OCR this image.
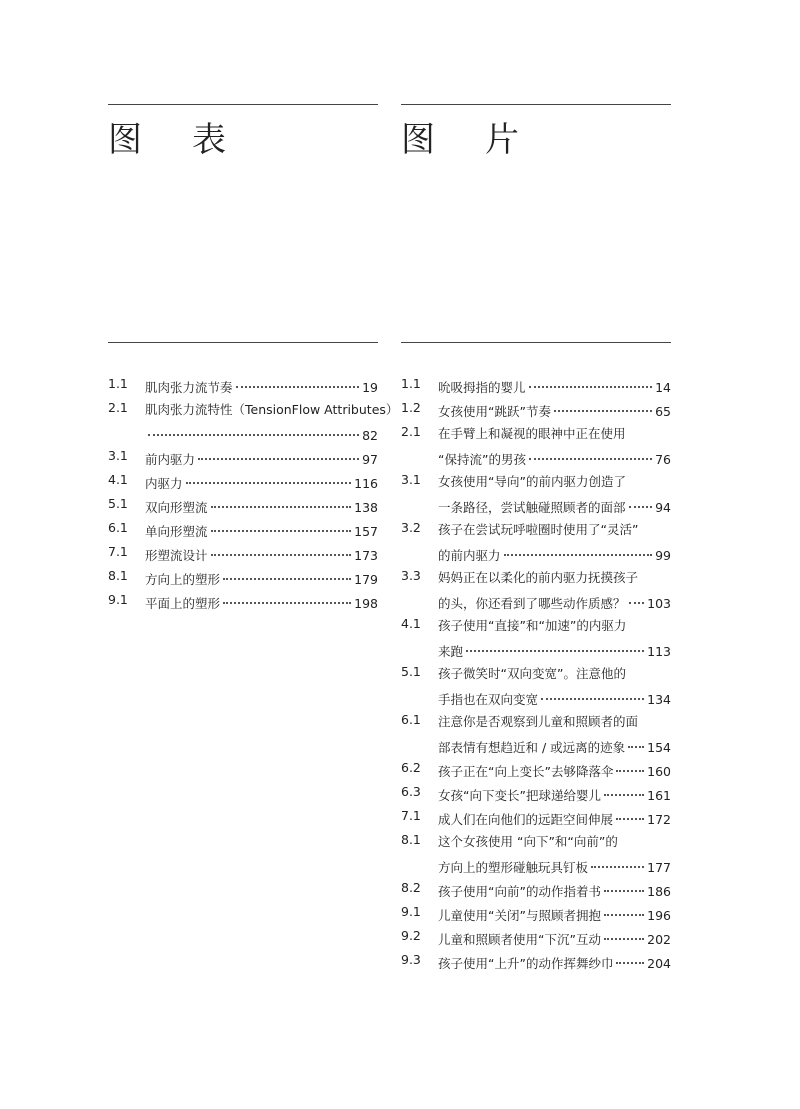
图 表	图 片
1.1 肌肉张力流节奏	19
2.1 肌肉张力流特性（TensionFlow Attributes）
82
3.1 前内驱力	97
4.1 内驱力	116
5.1 双向形塑流	138
6.1 单向形塑流	157
7.1 形塑流设计	173
8.1 方向上的塑形	179
9.1 平面上的塑形	198
1.1 吮吸拇指的婴儿	14
1.2 女孩使用“跳跃”节奏	65
2.1 在手臂上和凝视的眼神中正在使用
“保持流”的男孩	76
3.1 女孩使用“导向”的前内驱力创造了
一条路径，尝试触碰照顾者的面部 94
3.2 孩子在尝试玩呼啦圈时使用了“灵活”
的前内驱力	99
3.3 妈妈正在以柔化的前内驱力抚摸孩子
的头，你还看到了哪些动作质感？ 103
4.1 孩子使用“直接”和“加速”的内驱力
来跑	113
5.1 孩子微笑时“双向变宽”。注意他的
手指也在双向变宽	134
6.1 注意你是否观察到儿童和照顾者的面
部表情有想趋近和 / 或远离的迹象 154
6.2 孩子正在“向上变长”去够降落伞	160
6.3 女孩“向下变长”把球递给婴儿	161
7.1 成人们在向他们的远距空间伸展	172
8.1 这个女孩使用 “向下”和“向前”的
方向上的塑形碰触玩具钉板	177
8.2 孩子使用“向前”的动作指着书	186
9.1 儿童使用“关闭”与照顾者拥抱	196
9.2 儿童和照顾者使用“下沉”互动	202
9.3 孩子使用“上升”的动作挥舞纱巾	204
